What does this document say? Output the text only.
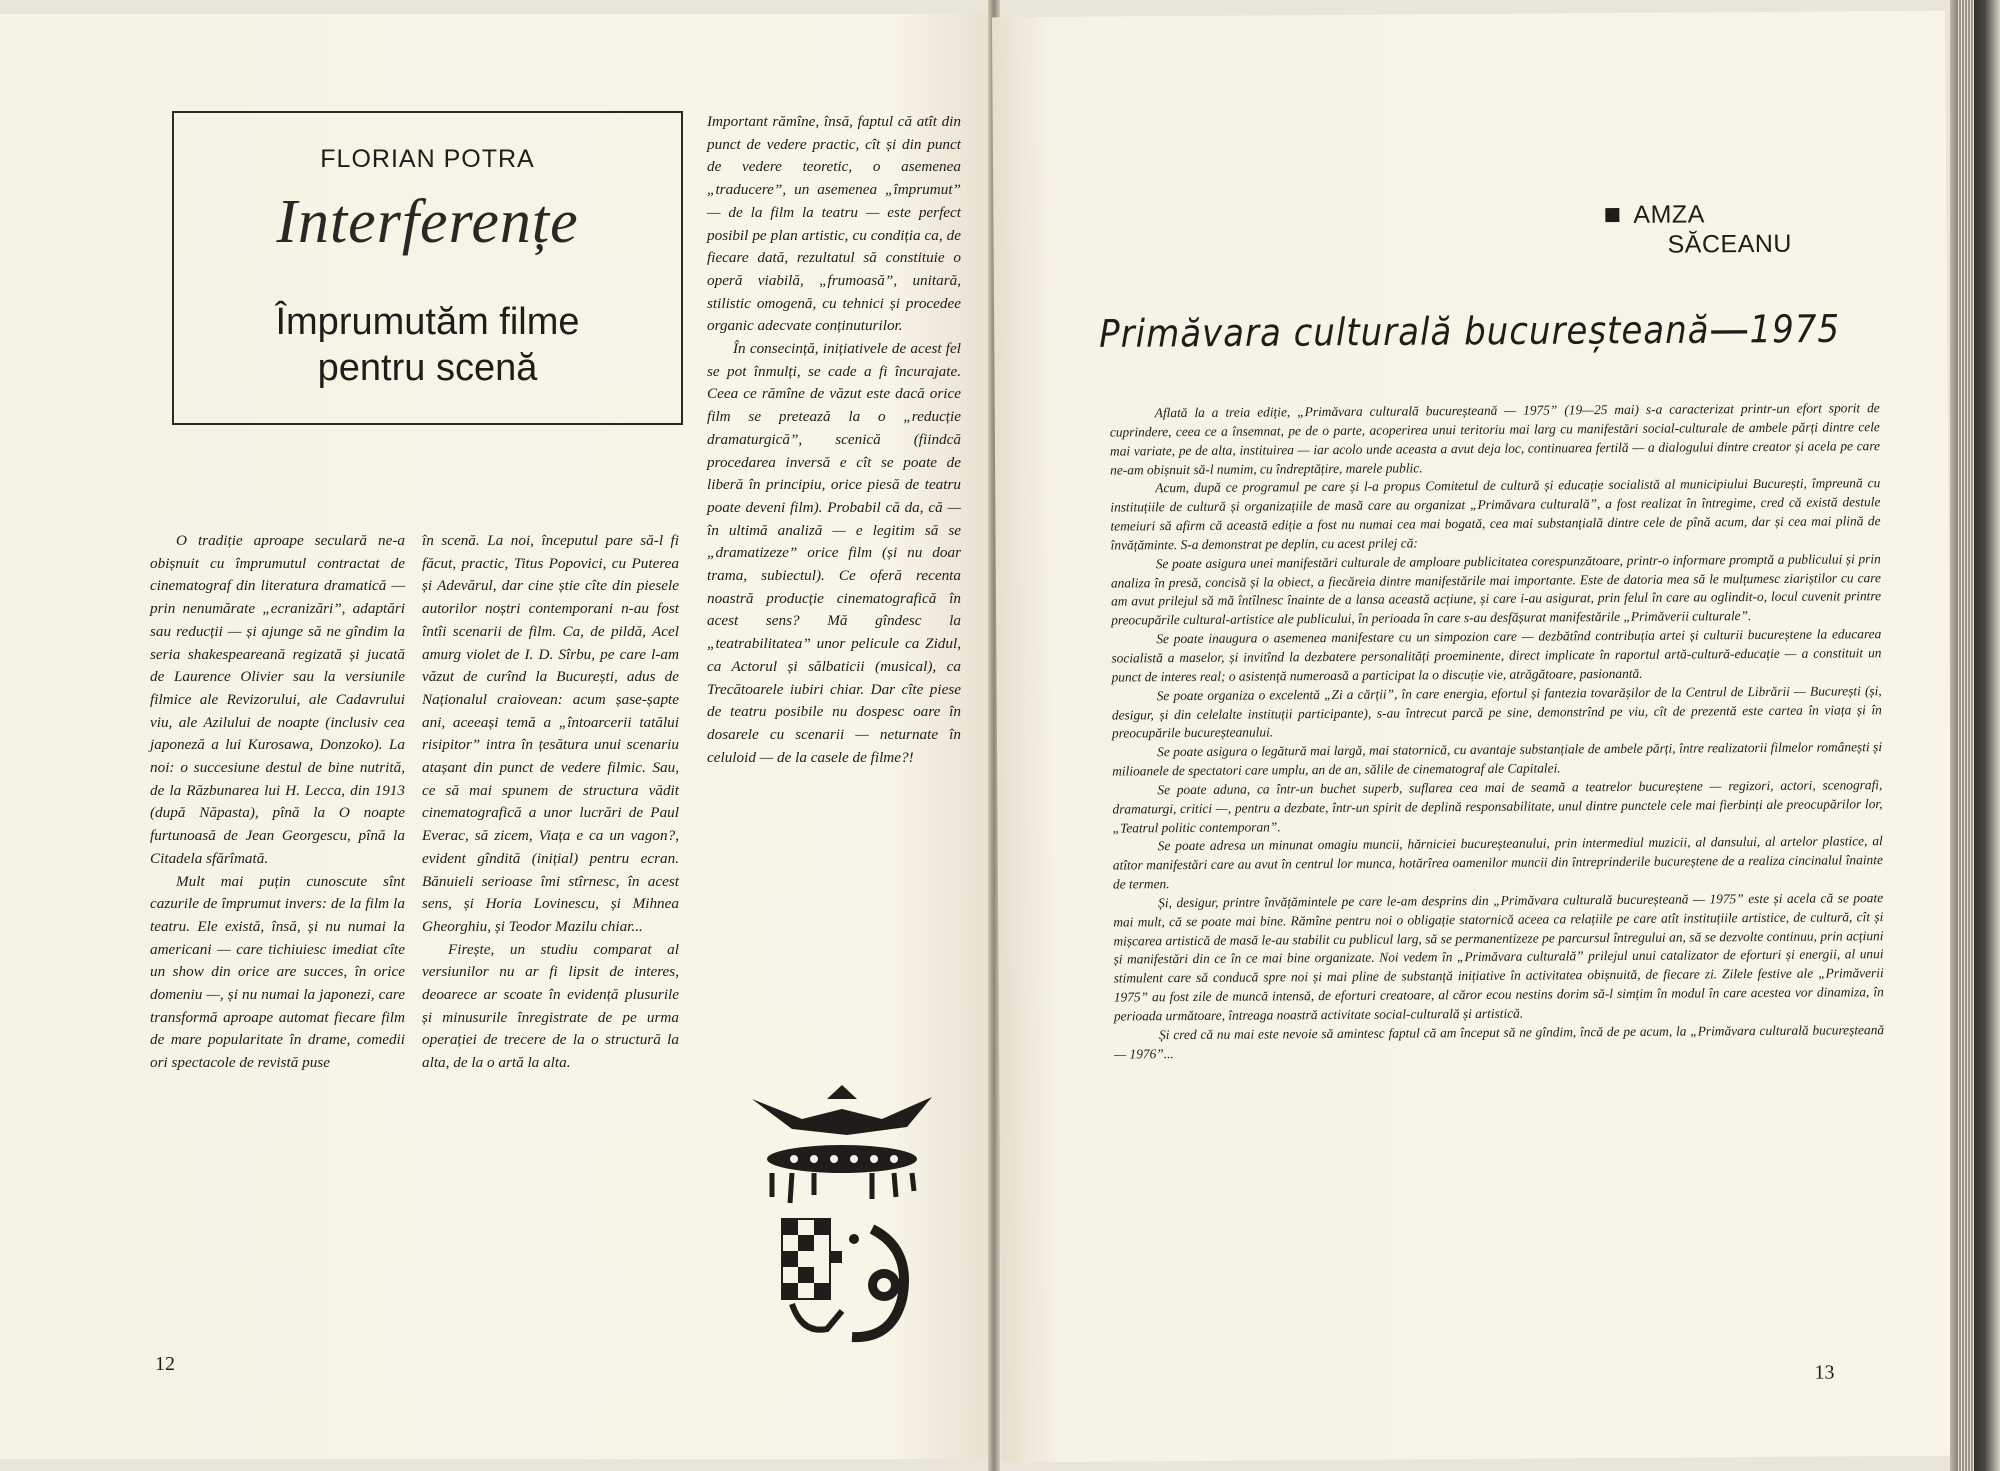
FLORIAN POTRA
Interferențe
Împrumutăm filme
pentru scenă

O tradiție aproape seculară ne-a obișnuit cu împrumutul contractat de cinematograf din literatura dramatică — prin nenumărate „ecranizări”, adaptări sau reducții — și ajunge să ne gîndim la seria shakespeareană regizată și jucată de Laurence Olivier sau la versiunile filmice ale Revizorului, ale Cadavrului viu, ale Azilului de noapte (inclusiv cea japoneză a lui Kurosawa, Donzoko). La noi: o succesiune destul de bine nutrită, de la Răzbunarea lui H. Lecca, din 1913 (după Năpasta), pînă la O noapte furtunoasă de Jean Georgescu, pînă la Citadela sfărîmată.

Mult mai puțin cunoscute sînt cazurile de împrumut invers: de la film la teatru. Ele există, însă, și nu numai la americani — care tichiuiesc imediat cîte un show din orice are succes, în orice domeniu —, și nu numai la japonezi, care transformă aproape automat fiecare film de mare popularitate în drame, comedii ori spectacole de revistă puse

în scenă. La noi, începutul pare să-l fi făcut, practic, Titus Popovici, cu Puterea și Adevărul, dar cine știe cîte din piesele autorilor noștri contemporani n-au fost întîi scenarii de film. Ca, de pildă, Acel amurg violet de I. D. Sîrbu, pe care l-am văzut de curînd la București, adus de Naționalul craiovean: acum șase-șapte ani, aceeași temă a „întoarcerii tatălui risipitor” intra în țesătura unui scenariu atașant din punct de vedere filmic. Sau, ce să mai spunem de structura vădit cinematografică a unor lucrări de Paul Everac, să zicem, Viața e ca un vagon?, evident gîndită (inițial) pentru ecran. Bănuieli serioase îmi stîrnesc, în acest sens, și Horia Lovinescu, și Mihnea Gheorghiu, și Teodor Mazilu chiar...

Firește, un studiu comparat al versiunilor nu ar fi lipsit de interes, deoarece ar scoate în evidență plusurile și minusurile înregistrate de pe urma operației de trecere de la o structură la alta, de la o artă la alta.

Important rămîne, însă, faptul că atît din punct de vedere practic, cît și din punct de vedere teoretic, o asemenea „traducere”, un asemenea „împrumut” — de la film la teatru — este perfect posibil pe plan artistic, cu condiția ca, de fiecare dată, rezultatul să constituie o operă viabilă, „frumoasă”, unitară, stilistic omogenă, cu tehnici și procedee organic adecvate conținuturilor.

În consecință, inițiativele de acest fel se pot înmulți, se cade a fi încurajate. Ceea ce rămîne de văzut este dacă orice film se pretează la o „reducție dramaturgică”, scenică (fiindcă procedarea inversă e cît se poate de liberă în principiu, orice piesă de teatru poate deveni film). Probabil că da, că — în ultimă analiză — e legitim să se „dramatizeze” orice film (și nu doar trama, subiectul). Ce oferă recenta noastră producție cinematografică în acest sens? Mă gîndesc la „teatrabilitatea” unor pelicule ca Zidul, ca Actorul și sălbaticii (musical), ca Trecătoarele iubiri chiar. Dar cîte piese de teatru posibile nu dospesc oare în dosarele cu scenarii — neturnate în celuloid — de la casele de filme?!

12
AMZA
SĂCEANU
Primăvara culturală bucureșteană 1975

Aflată la a treia ediție, „Primăvara culturală bucureșteană — 1975” (19—25 mai) s-a caracterizat printr-un efort sporit de cuprindere, ceea ce a însemnat, pe de o parte, acoperirea unui teritoriu mai larg cu manifestări social-culturale de ambele părți dintre cele mai variate, pe de alta, instituirea — iar acolo unde aceasta a avut deja loc, continuarea fertilă — a dialogului dintre creator și acela pe care ne-am obișnuit să-l numim, cu îndreptățire, marele public.

Acum, după ce programul pe care și l-a propus Comitetul de cultură și educație socialistă al municipiului București, împreună cu instituțiile de cultură și organizațiile de masă care au organizat „Primăvara culturală”, a fost realizat în întregime, cred că există destule temeiuri să afirm că această ediție a fost nu numai cea mai bogată, cea mai substanțială dintre cele de pînă acum, dar și cea mai plină de învățăminte. S-a demonstrat pe deplin, cu acest prilej că:

Se poate asigura unei manifestări culturale de amploare publicitatea corespunzătoare, printr-o informare promptă a publicului și prin analiza în presă, concisă și la obiect, a fiecăreia dintre manifestările mai importante. Este de datoria mea să le mulțumesc ziariștilor cu care am avut prilejul să mă întîlnesc înainte de a lansa această acțiune, și care i-au asigurat, prin felul în care au oglindit-o, locul cuvenit printre preocupările cultural-artistice ale publicului, în perioada în care s-au desfășurat manifestările „Primăverii culturale”.

Se poate inaugura o asemenea manifestare cu un simpozion care — dezbătînd contribuția artei și culturii bucureștene la educarea socialistă a maselor, și invitînd la dezbatere personalități proeminente, direct implicate în raportul artă-cultură-educație — a constituit un punct de interes real; o asistență numeroasă a participat la o discuție vie, atrăgătoare, pasionantă.

Se poate organiza o excelentă „Zi a cărții”, în care energia, efortul și fantezia tovarășilor de la Centrul de Librării — București (și, desigur, și din celelalte instituții participante), s-au întrecut parcă pe sine, demonstrînd pe viu, cît de prezentă este cartea în viața și în preocupările bucureșteanului.

Se poate asigura o legătură mai largă, mai statornică, cu avantaje substanțiale de ambele părți, între realizatorii filmelor românești și milioanele de spectatori care umplu, an de an, sălile de cinematograf ale Capitalei.

Se poate aduna, ca într-un buchet superb, suflarea cea mai de seamă a teatrelor bucureștene — regizori, actori, scenografi, dramaturgi, critici —, pentru a dezbate, într-un spirit de deplină responsabilitate, unul dintre punctele cele mai fierbinți ale preocupărilor lor, „Teatrul politic contemporan”.

Se poate adresa un minunat omagiu muncii, hărniciei bucureșteanului, prin intermediul muzicii, al dansului, al artelor plastice, al atîtor manifestări care au avut în centrul lor munca, hotărîrea oamenilor muncii din întreprinderile bucureștene de a realiza cincinalul înainte de termen.

Și, desigur, printre învățămintele pe care le-am desprins din „Primăvara culturală bucureșteană — 1975” este și acela că se poate mai mult, că se poate mai bine. Rămîne pentru noi o obligație statornică aceea ca relațiile pe care atît instituțiile artistice, de cultură, cît și mișcarea artistică de masă le-au stabilit cu publicul larg, să se permanentizeze pe parcursul întregului an, să se dezvolte continuu, prin acțiuni și manifestări din ce în ce mai bine organizate. Noi vedem în „Primăvara culturală” prilejul unui catalizator de eforturi și energii, al unui stimulent care să conducă spre noi și mai pline de substanță inițiative în activitatea obișnuită, de fiecare zi. Zilele festive ale „Primăverii 1975” au fost zile de muncă intensă, de eforturi creatoare, al căror ecou nestins dorim să-l simțim în modul în care acestea vor dinamiza, în perioada următoare, întreaga noastră activitate social-culturală și artistică.

Și cred că nu mai este nevoie să amintesc faptul că am început să ne gîndim, încă de pe acum, la „Primăvara culturală bucureșteană — 1976”...

13
